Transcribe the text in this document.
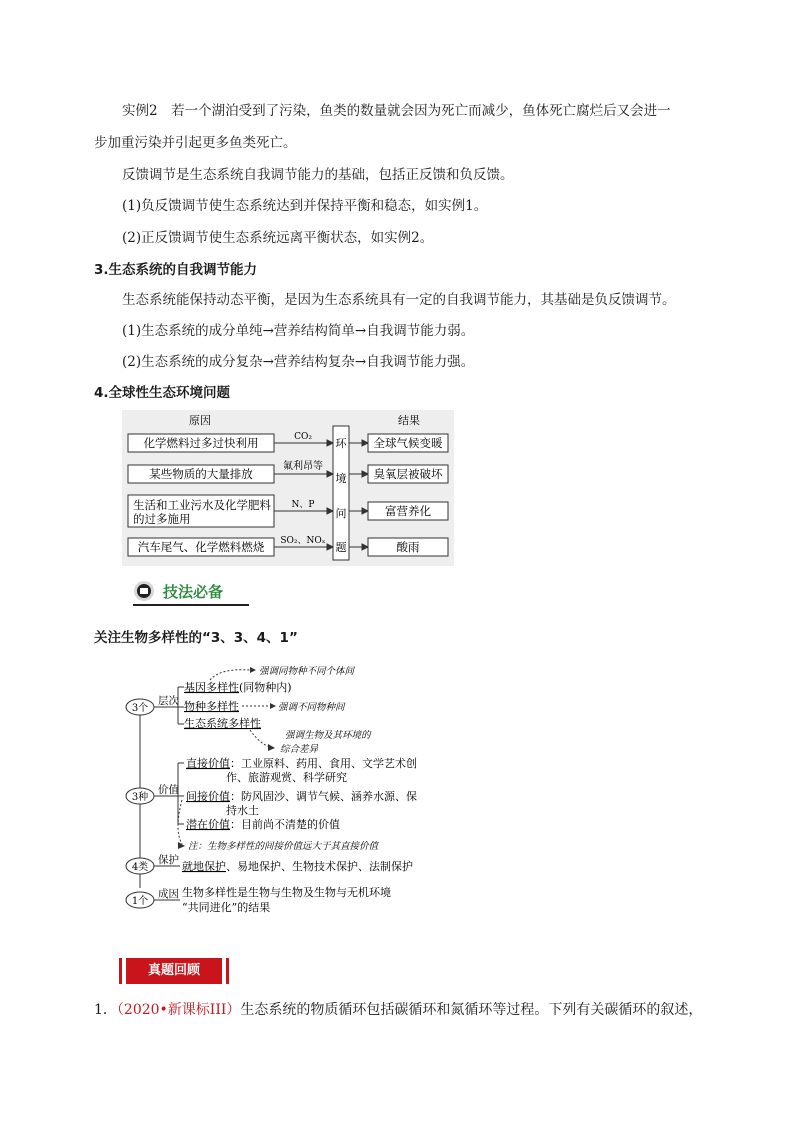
实例2　若一个湖泊受到了污染，鱼类的数量就会因为死亡而减少，鱼体死亡腐烂后又会进一
步加重污染并引起更多鱼类死亡。
反馈调节是生态系统自我调节能力的基础，包括正反馈和负反馈。
(1)负反馈调节使生态系统达到并保持平衡和稳态，如实例1。
(2)正反馈调节使生态系统远离平衡状态，如实例2。
3.生态系统的自我调节能力
生态系统能保持动态平衡，是因为生态系统具有一定的自我调节能力，其基础是负反馈调节。
(1)生态系统的成分单纯→营养结构简单→自我调节能力弱。
(2)生态系统的成分复杂→营养结构复杂→自我调节能力强。
4.全球性生态环境问题
原因	结果
化学燃料过多过快利用
某些物质的大量排放
生活和工业污水及化学肥料
的过多施用
汽车尾气、化学燃料燃烧
CO₂
氟利昂等
N、P
SO₂、NOₓ
环
境
问
题
全球气候变暖
臭氧层被破坏
富营养化
酸雨
技法必备
关注生物多样性的“3、3、4、1”
3个
层次
基因多样性 (同物种内)
物种多样性
生态系统多样性
强调同物种不同个体间
强调不同物种间
强调生物及其环境的
综合差异
3种
价值
直接价值 ：工业原料、药用、食用、文学艺术创
作、旅游观赏、科学研究
间接价值 ：防风固沙、调节气候、涵养水源、保
持水土
潜在价值 ：目前尚不清楚的价值
注：生物多样性的间接价值远大于其直接价值
4类
保护 就地保护 、易地保护、生物技术保护、法制保护
1个
成因 生物多样性是生物与生物及生物与无机环境
“共同进化”的结果
真题回顾
1．（2020•新课标III）生态系统的物质循环包括碳循环和氮循环等过程。下列有关碳循环的叙述，
